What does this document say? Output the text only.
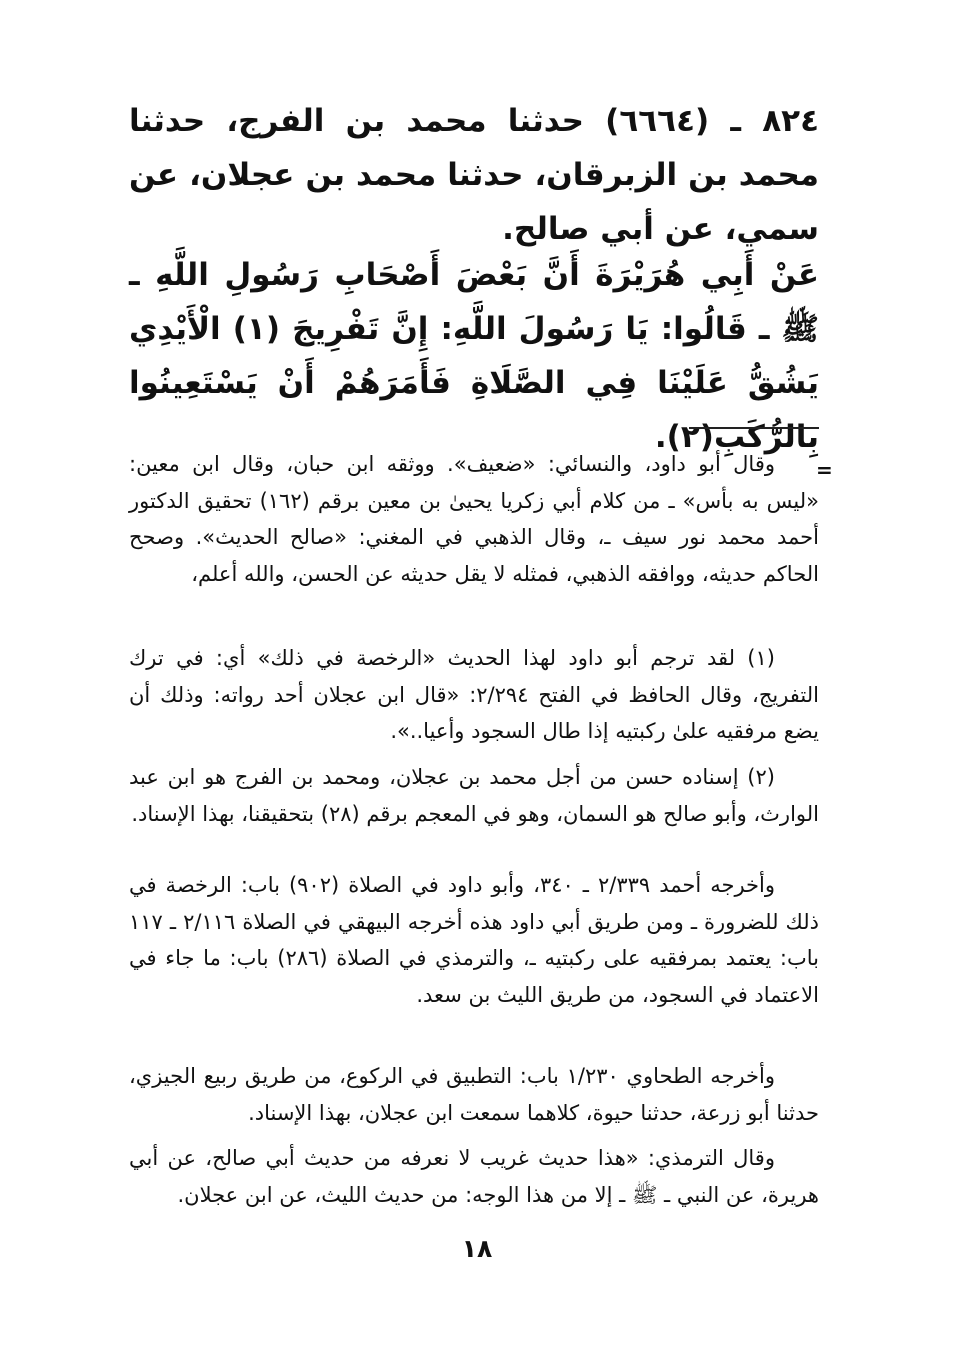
٨٢٤ ـ (٦٦٦٤) حدثنا محمد بن الفرج، حدثنا محمد بن الزبرقان، حدثنا محمد بن عجلان، عن سمي، عن أبي صالح.

عَنْ أَبِي هُرَيْرَةَ أَنَّ بَعْضَ أَصْحَابِ رَسُولِ اللَّهِ ـ ﷺ ـ قَالُوا: يَا رَسُولَ اللَّهِ: إِنَّ تَفْرِيجَ (١) الْأَيْدِي يَشُقُّ عَلَيْنَا فِي الصَّلَاةِ فَأَمَرَهُمْ أَنْ يَسْتَعِينُوا بِالرُّكَبِ(٢).

=

وقال أبو داود، والنسائي: «ضعيف». ووثقه ابن حبان، وقال ابن معين: «ليس به بأس» ـ من كلام أبي زكريا يحيىٰ بن معين برقم (١٦٢) تحقيق الدكتور أحمد محمد نور سيف ـ، وقال الذهبي في المغني: «صالح الحديث». وصحح الحاكم حديثه، ووافقه الذهبي، فمثله لا يقل حديثه عن الحسن، والله أعلم،

(١) لقد ترجم أبو داود لهذا الحديث «الرخصة في ذلك» أي: في ترك التفريج، وقال الحافظ في الفتح ٢/٢٩٤: «قال ابن عجلان أحد رواته: وذلك أن يضع مرفقيه علىٰ ركبتيه إذا طال السجود وأعيا..».

(٢) إسناده حسن من أجل محمد بن عجلان، ومحمد بن الفرج هو ابن عبد الوارث، وأبو صالح هو السمان، وهو في المعجم برقم (٢٨) بتحقيقنا، بهذا الإسناد.

وأخرجه أحمد ٢/٣٣٩ ـ ٣٤٠، وأبو داود في الصلاة (٩٠٢) باب: الرخصة في ذلك للضرورة ـ ومن طريق أبي داود هذه أخرجه البيهقي في الصلاة ٢/١١٦ ـ ١١٧ باب: يعتمد بمرفقيه على ركبتيه ـ، والترمذي في الصلاة (٢٨٦) باب: ما جاء في الاعتماد في السجود، من طريق الليث بن سعد.

وأخرجه الطحاوي ١/٢٣٠ باب: التطبيق في الركوع، من طريق ربيع الجيزي، حدثنا أبو زرعة، حدثنا حيوة، كلاهما سمعت ابن عجلان، بهذا الإسناد.

وقال الترمذي: «هذا حديث غريب لا نعرفه من حديث أبي صالح، عن أبي هريرة، عن النبي ـ ﷺ ـ إلا من هذا الوجه: من حديث الليث، عن ابن عجلان.

١٨
